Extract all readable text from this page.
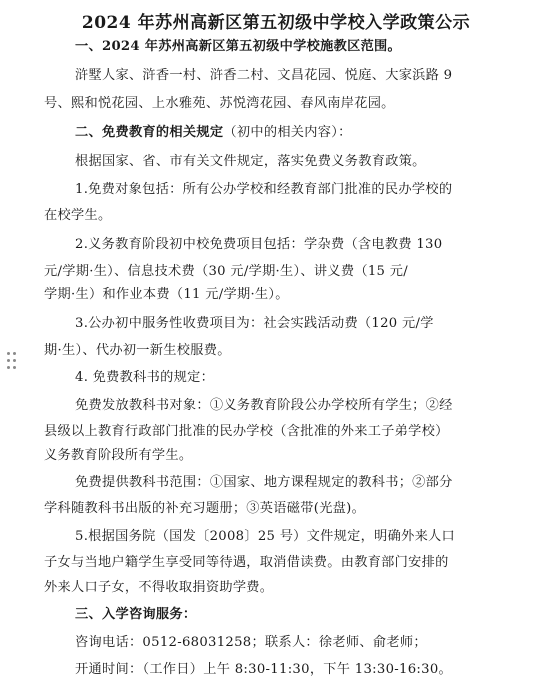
2024 年苏州高新区第五初级中学校入学政策公示
一、2024 年苏州高新区第五初级中学校施教区范围。
浒墅人家、浒香一村、浒香二村、文昌花园、悦庭、大家浜路 9
号、熙和悦花园、上水雅苑、苏悦湾花园、春风南岸花园。
二、免费教育的相关规定（初中的相关内容）：
根据国家、省、市有关文件规定，落实免费义务教育政策。
1.免费对象包括：所有公办学校和经教育部门批准的民办学校的
在校学生。
2.义务教育阶段初中校免费项目包括：学杂费（含电教费 130
元/学期·生）、信息技术费（30 元/学期·生）、讲义费（15 元/
学期·生）和作业本费（11 元/学期·生）。
3.公办初中服务性收费项目为：社会实践活动费（120 元/学
期·生）、代办初一新生校服费。
4. 免费教科书的规定：
免费发放教科书对象：①义务教育阶段公办学校所有学生；②经
县级以上教育行政部门批准的民办学校（含批准的外来工子弟学校）
义务教育阶段所有学生。
免费提供教科书范围：①国家、地方课程规定的教科书；②部分
学科随教科书出版的补充习题册；③英语磁带(光盘)。
5.根据国务院（国发〔2008〕25 号）文件规定，明确外来人口
子女与当地户籍学生享受同等待遇，取消借读费。由教育部门安排的
外来人口子女，不得收取捐资助学费。
三、入学咨询服务：
咨询电话：0512-68031258；联系人：徐老师、俞老师；
开通时间：（工作日）上午 8:30-11:30，下午 13:30-16:30。
